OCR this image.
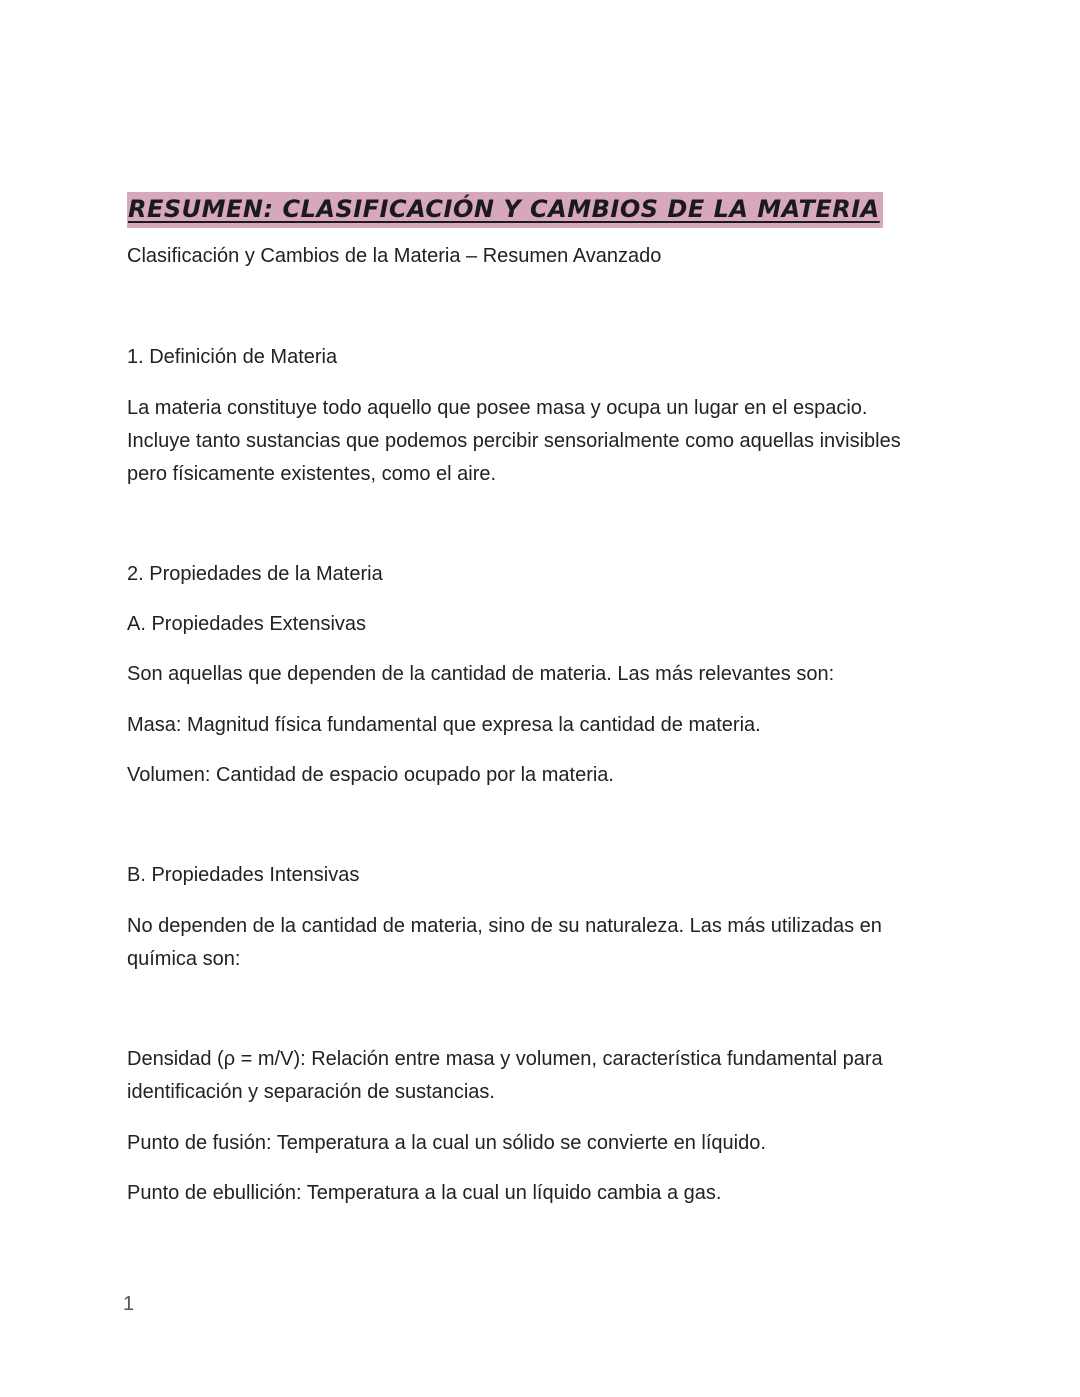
RESUMEN: CLASIFICACIÓN Y CAMBIOS DE LA MATERIA

Clasificación y Cambios de la Materia – Resumen Avanzado

1. Definición de Materia

La materia constituye todo aquello que posee masa y ocupa un lugar en el espacio.
Incluye tanto sustancias que podemos percibir sensorialmente como aquellas invisibles
pero físicamente existentes, como el aire.

2. Propiedades de la Materia

A. Propiedades Extensivas

Son aquellas que dependen de la cantidad de materia. Las más relevantes son:

Masa: Magnitud física fundamental que expresa la cantidad de materia.

Volumen: Cantidad de espacio ocupado por la materia.

B. Propiedades Intensivas

No dependen de la cantidad de materia, sino de su naturaleza. Las más utilizadas en
química son:
Densidad (ρ = m/V): Relación entre masa y volumen, característica fundamental para
identificación y separación de sustancias.

Punto de fusión: Temperatura a la cual un sólido se convierte en líquido.

Punto de ebullición: Temperatura a la cual un líquido cambia a gas.

1
